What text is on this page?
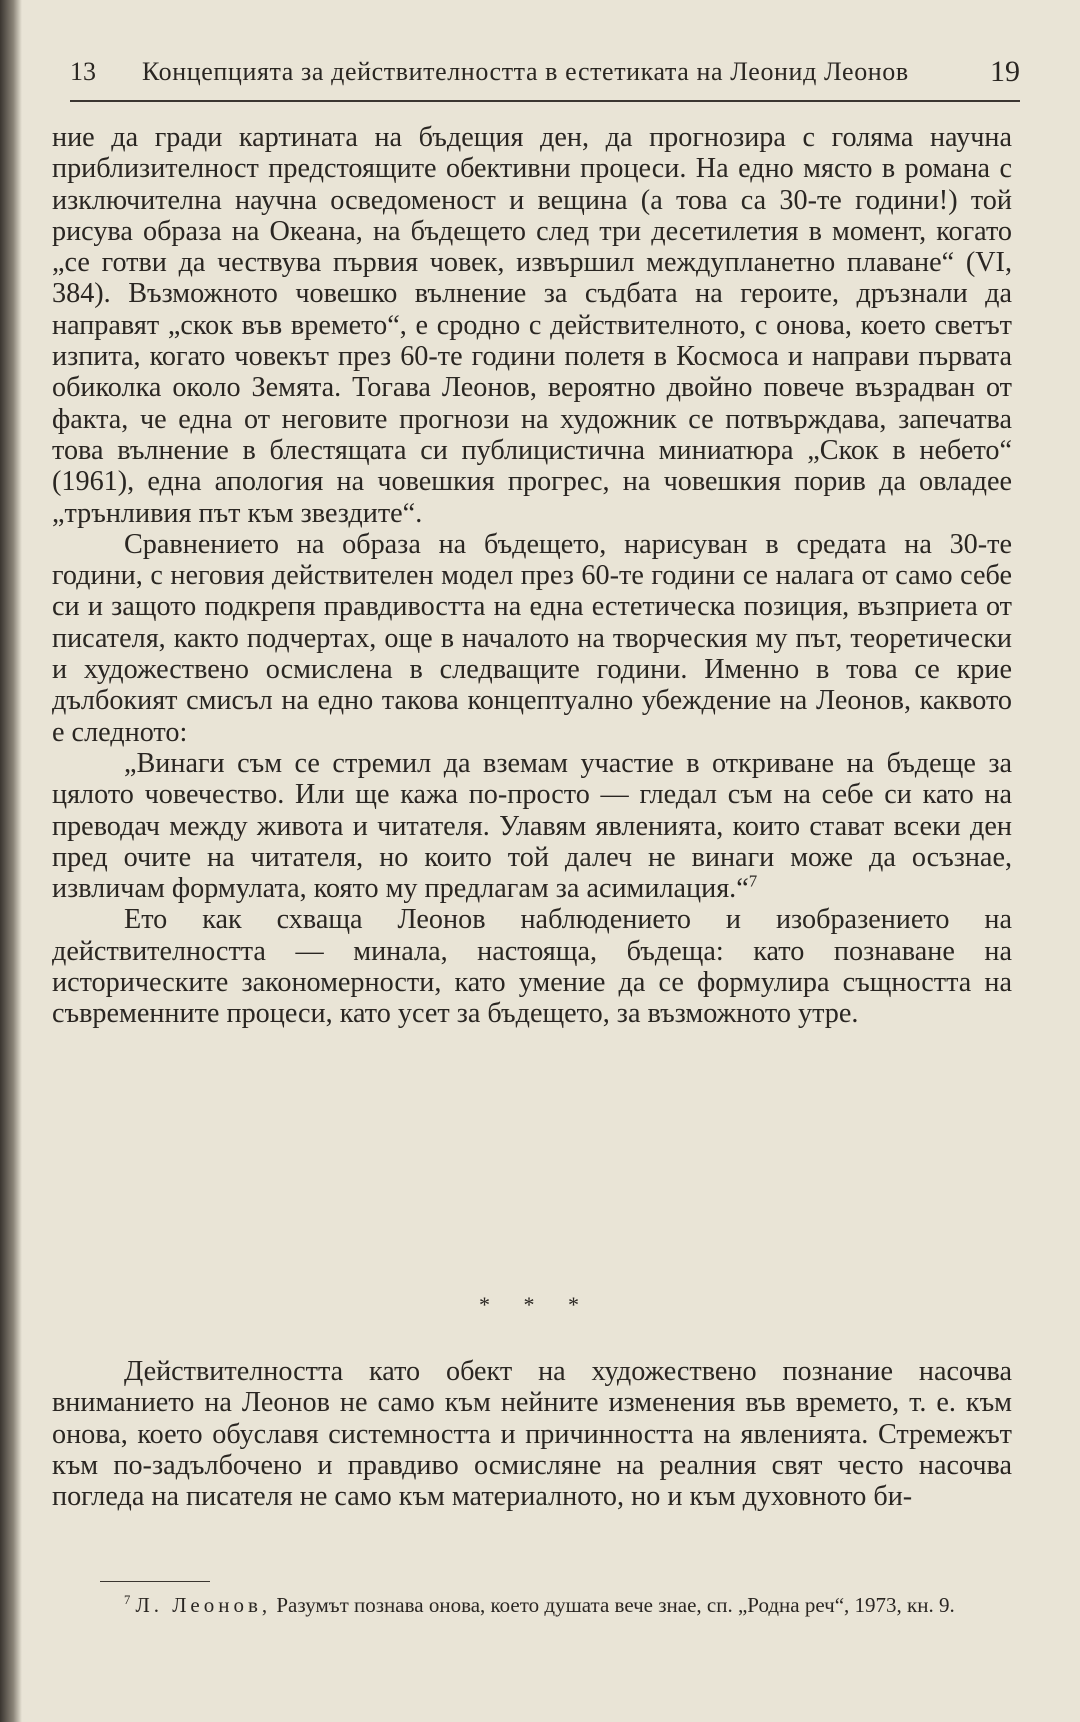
13 Концепцията за действителността в естетиката на Леонид Леонов	19

ние да гради картината на бъдещия ден, да прогнозира с голяма научна приблизителност предстоящите обективни процеси. На едно място в романа с изключителна научна осведоменост и вещина (а това са 30-те години!) той рисува образа на Океана, на бъдещето след три десетилетия в момент, когато „се готви да чествува първия човек, извършил междупланетно плаване“ (VI, 384). Възможното човешко вълнение за съдбата на героите, дръзнали да направят „скок във времето“, е сродно с действителното, с онова, което светът изпита, когато човекът през 60-те години полетя в Космоса и направи първата обиколка около Земята. Тогава Леонов, вероятно двойно повече възрадван от факта, че една от неговите прогнози на художник се потвърждава, запечатва това вълнение в блестящата си публицистична миниатюра „Скок в небето“ (1961), една апология на човешкия прогрес, на човешкия порив да овладее „трънливия път към звездите“.

Сравнението на образа на бъдещето, нарисуван в средата на 30-те години, с неговия действителен модел през 60-те години се налага от само себе си и защото подкрепя правдивостта на една естетическа позиция, възприета от писателя, както подчертах, още в началото на творческия му път, теоретически и художествено осмислена в следващите години. Именно в това се крие дълбокият смисъл на едно такова концептуално убеждение на Леонов, каквото е следното:

„Винаги съм се стремил да вземам участие в откриване на бъдеще за цялото човечество. Или ще кажа по-просто — гледал съм на себе си като на преводач между живота и читателя. Улавям явленията, които стават всеки ден пред очите на читателя, но които той далеч не винаги може да осъзнае, извличам формулата, която му предлагам за асимилация.“$^7$

Ето как схваща Леонов наблюдението и изобразението на действителността — минала, настояща, бъдеща: като познаване на историческите закономерности, като умение да се формулира същността на съвременните процеси, като усет за бъдещето, за възможното утре.

* * *

Действителността като обект на художествено познание насочва вниманието на Леонов не само към нейните изменения във времето, т. е. към онова, което обуславя системността и причинността на явленията. Стремежът към по-задълбочено и правдиво осмисляне на реалния свят често насочва погледа на писателя не само към материалното, но и към духовното би-

$^7$ Л. Леонов, Разумът познава онова, което душата вече знае, сп. „Родна реч“, 1973, кн. 9.
